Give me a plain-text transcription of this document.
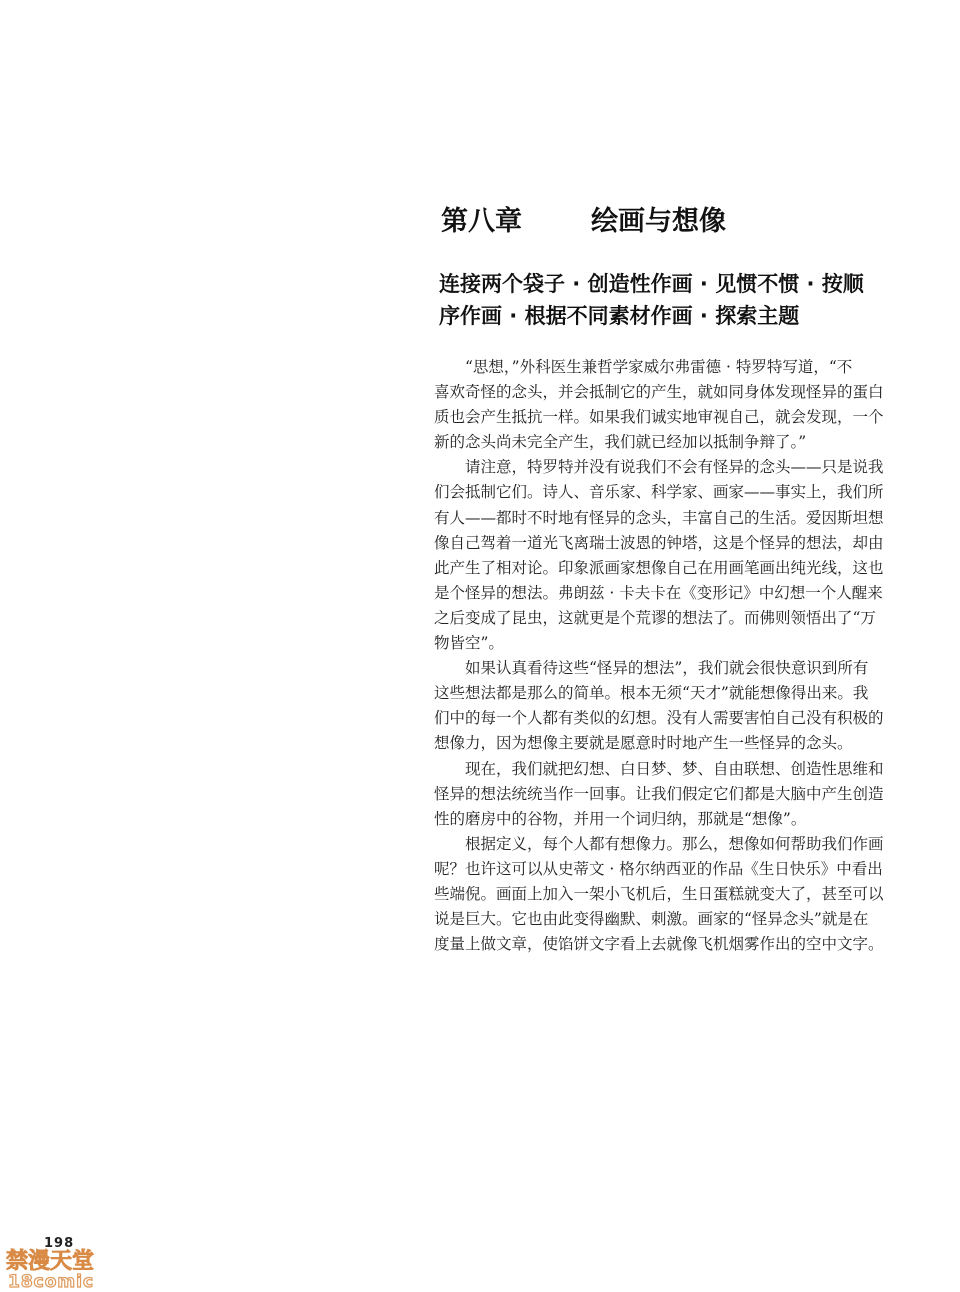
第八章	绘画与想像

连接两个袋子 · 创造性作画 · 见惯不惯 · 按顺

序作画 · 根据不同素材作画 · 探索主题

　　“思想，”外科医生兼哲学家威尔弗雷德 · 特罗特写道，“不
喜欢奇怪的念头，并会抵制它的产生，就如同身体发现怪异的蛋白
质也会产生抵抗一样。如果我们诚实地审视自己，就会发现，一个
新的念头尚未完全产生，我们就已经加以抵制争辩了。”
　　请注意，特罗特并没有说我们不会有怪异的念头——只是说我
们会抵制它们。诗人、音乐家、科学家、画家——事实上，我们所
有人——都时不时地有怪异的念头，丰富自己的生活。爱因斯坦想
像自己驾着一道光飞离瑞士波恩的钟塔，这是个怪异的想法，却由
此产生了相对论。印象派画家想像自己在用画笔画出纯光线，这也
是个怪异的想法。弗朗兹 · 卡夫卡在《变形记》中幻想一个人醒来
之后变成了昆虫，这就更是个荒谬的想法了。而佛则领悟出了“万
物皆空”。
　　如果认真看待这些“怪异的想法”，我们就会很快意识到所有
这些想法都是那么的简单。根本无须“天才”就能想像得出来。我
们中的每一个人都有类似的幻想。没有人需要害怕自己没有积极的
想像力，因为想像主要就是愿意时时地产生一些怪异的念头。
　　现在，我们就把幻想、白日梦、梦、自由联想、创造性思维和
怪异的想法统统当作一回事。让我们假定它们都是大脑中产生创造
性的磨房中的谷物，并用一个词归纳，那就是“想像”。
　　根据定义，每个人都有想像力。那么，想像如何帮助我们作画
呢？也许这可以从史蒂文 · 格尔纳西亚的作品《生日快乐》中看出
些端倪。画面上加入一架小飞机后，生日蛋糕就变大了，甚至可以
说是巨大。它也由此变得幽默、刺激。画家的“怪异念头”就是在
度量上做文章，使馅饼文字看上去就像飞机烟雾作出的空中文字。
198
禁漫天堂
18comic
